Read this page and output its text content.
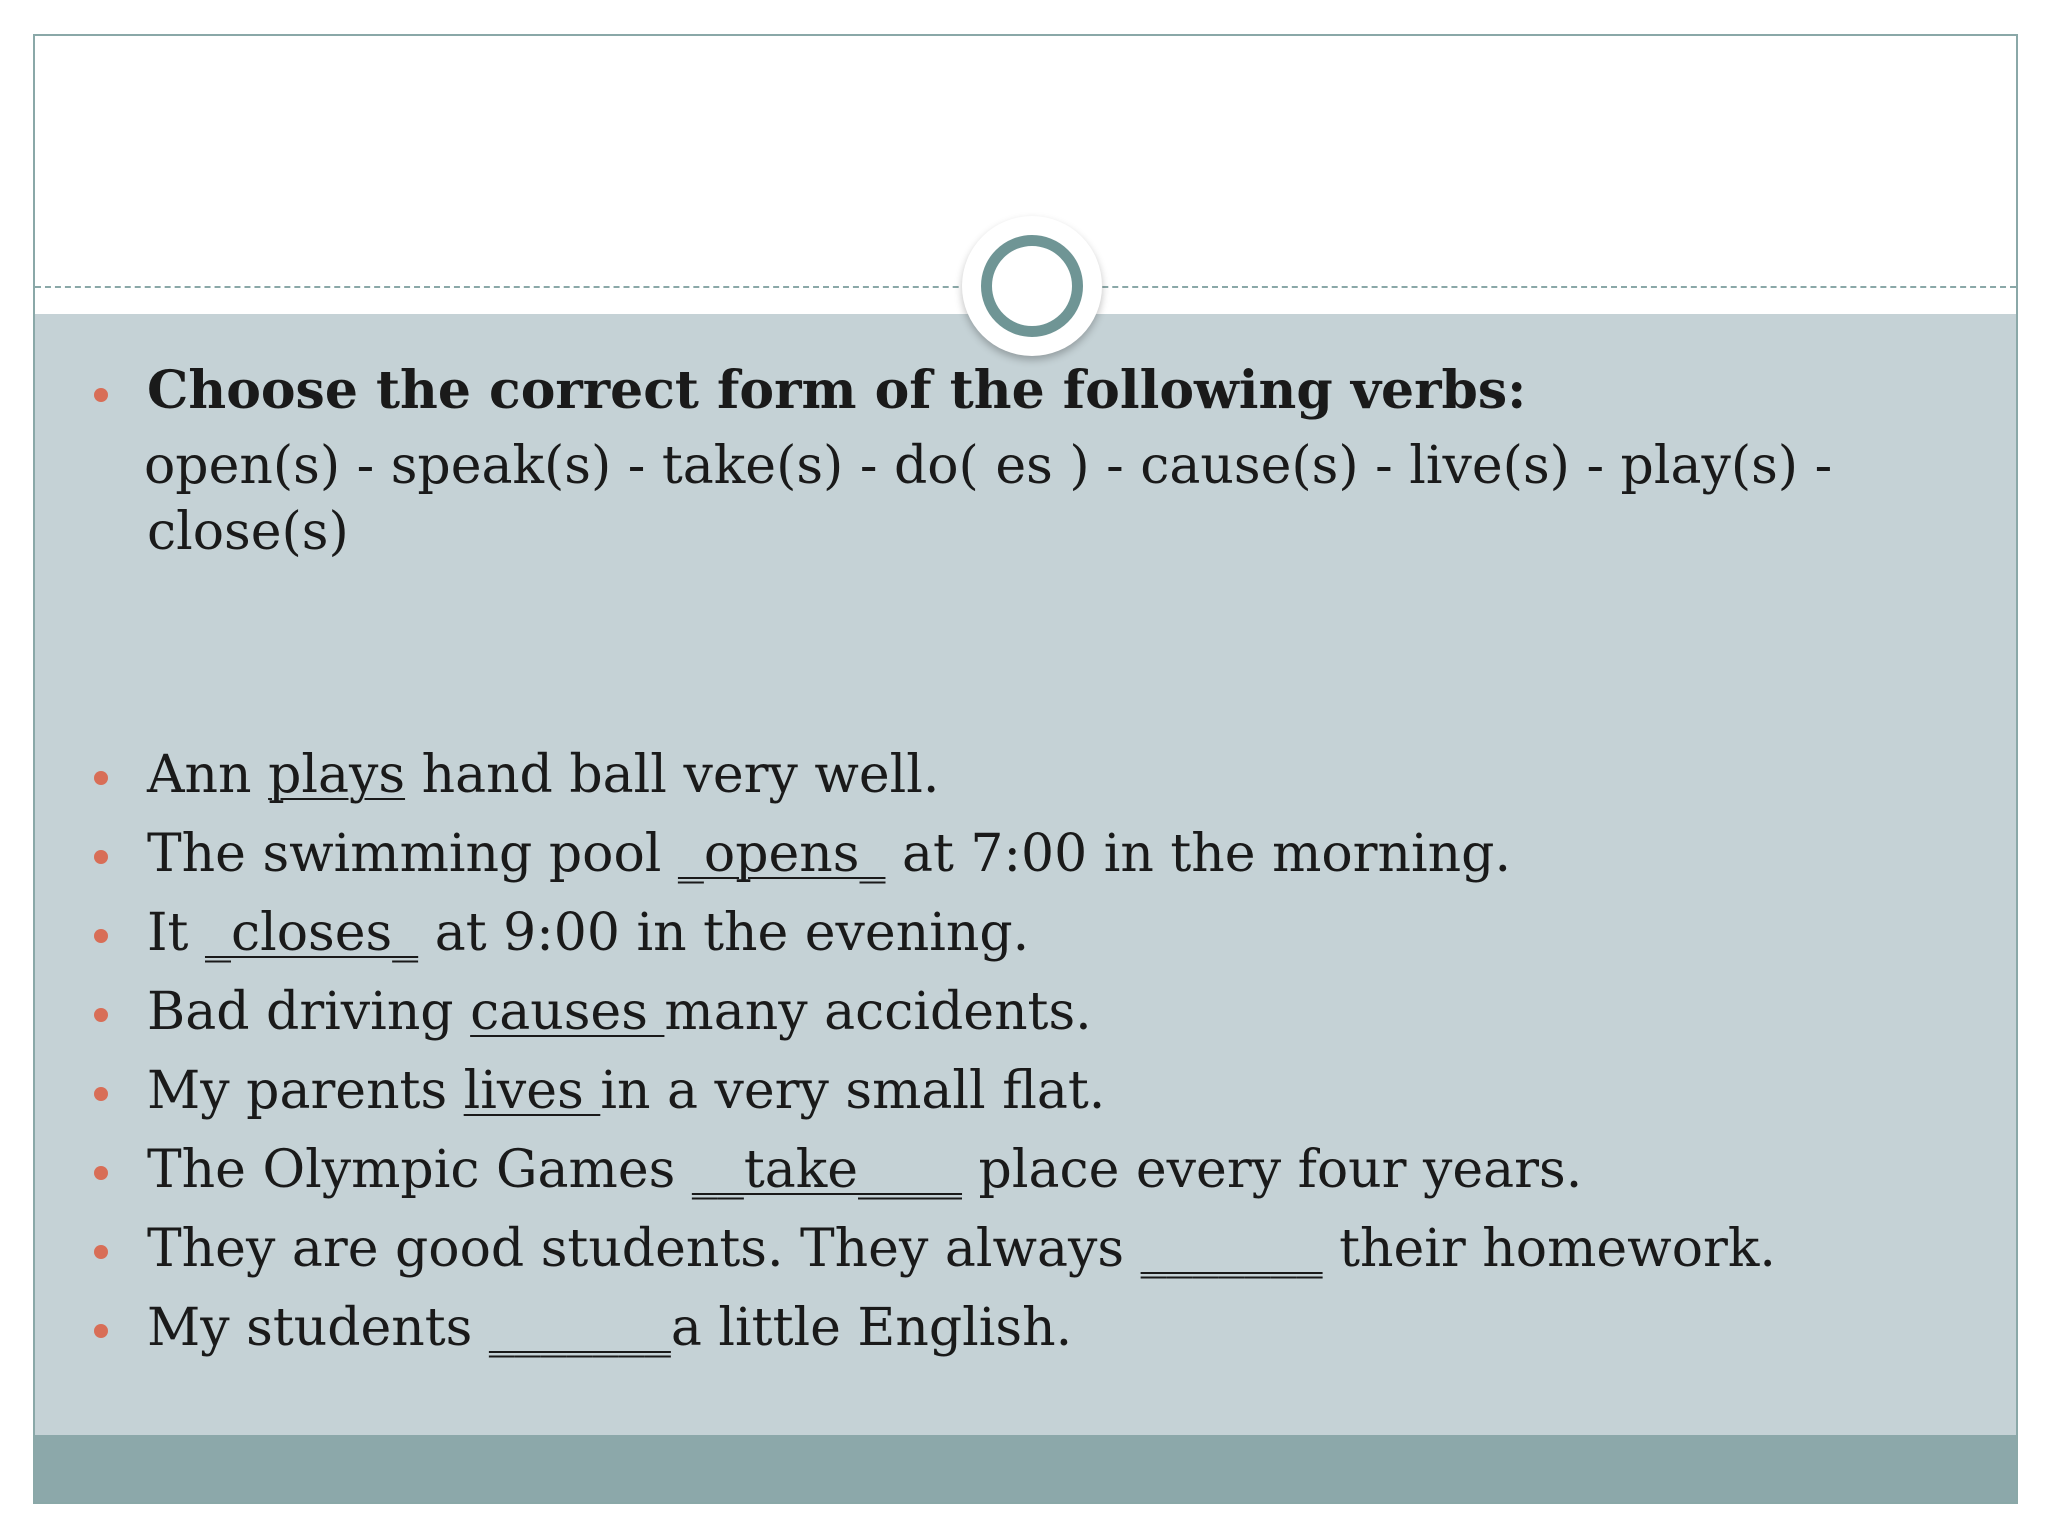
Choose the correct form of the following verbs:
open(s) - speak(s) - take(s) - do( es ) - cause(s) - live(s) - play(s) -
close(s)
Ann plays hand ball very well.
The swimming pool _opens_ at 7:00 in the morning.
It _closes_ at 9:00 in the evening.
Bad driving causes many accidents.
My parents lives in a very small flat.
The Olympic Games __take____ place every four years.
They are good students. They always _______ their homework.
My students _______a little English.
